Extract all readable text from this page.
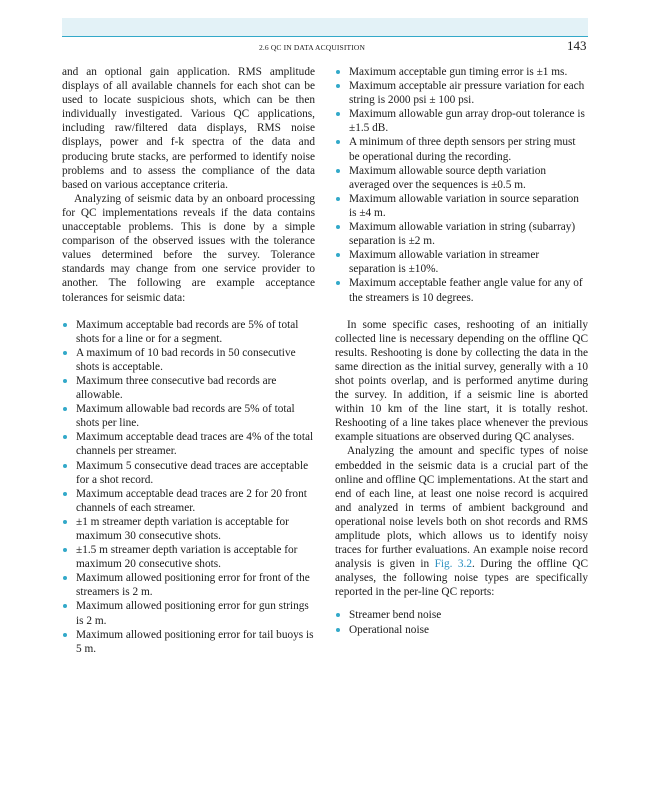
2.6 QC IN DATA ACQUISITION	143

and an optional gain application. RMS amplitude displays of all available channels for each shot can be used to locate suspicious shots, which can be then individually investigated. Various QC applications, including raw/filtered data displays, RMS noise displays, power and f-k spectra of the data and producing brute stacks, are performed to identify noise problems and to assess the compliance of the data based on various acceptance criteria.

Analyzing of seismic data by an onboard processing for QC implementations reveals if the data contains unacceptable problems. This is done by a simple comparison of the observed issues with the tolerance values determined before the survey. Tolerance standards may change from one service provider to another. The following are example acceptance tolerances for seismic data:

Maximum acceptable bad records are 5% of total shots for a line or for a segment.
A maximum of 10 bad records in 50 consecutive shots is acceptable.
Maximum three consecutive bad records are allowable.
Maximum allowable bad records are 5% of total shots per line.
Maximum acceptable dead traces are 4% of the total channels per streamer.
Maximum 5 consecutive dead traces are acceptable for a shot record.
Maximum acceptable dead traces are 2 for 20 front channels of each streamer.
±1 m streamer depth variation is acceptable for maximum 30 consecutive shots.
±1.5 m streamer depth variation is acceptable for maximum 20 consecutive shots.
Maximum allowed positioning error for front of the streamers is 2 m.
Maximum allowed positioning error for gun strings is 2 m.
Maximum allowed positioning error for tail buoys is 5 m.
Maximum acceptable gun timing error is ±1 ms.
Maximum acceptable air pressure variation for each string is 2000 psi ± 100 psi.
Maximum allowable gun array drop-out tolerance is ±1.5 dB.
A minimum of three depth sensors per string must be operational during the recording.
Maximum allowable source depth variation averaged over the sequences is ±0.5 m.
Maximum allowable variation in source separation is ±4 m.
Maximum allowable variation in string (subarray) separation is ±2 m.
Maximum allowable variation in streamer separation is ±10%.
Maximum acceptable feather angle value for any of the streamers is 10 degrees.

In some specific cases, reshooting of an initially collected line is necessary depending on the offline QC results. Reshooting is done by collecting the data in the same direction as the initial survey, generally with a 10 shot points overlap, and is performed anytime during the survey. In addition, if a seismic line is aborted within 10 km of the line start, it is totally reshot. Reshooting of a line takes place whenever the previous example situations are observed during QC analyses.

Analyzing the amount and specific types of noise embedded in the seismic data is a crucial part of the online and offline QC implementations. At the start and end of each line, at least one noise record is acquired and analyzed in terms of ambient background and operational noise levels both on shot records and RMS amplitude plots, which allows us to identify noisy traces for further evaluations. An example noise record analysis is given in Fig. 3.2. During the offline QC analyses, the following noise types are specifically reported in the per-line QC reports:

Streamer bend noise
Operational noise
